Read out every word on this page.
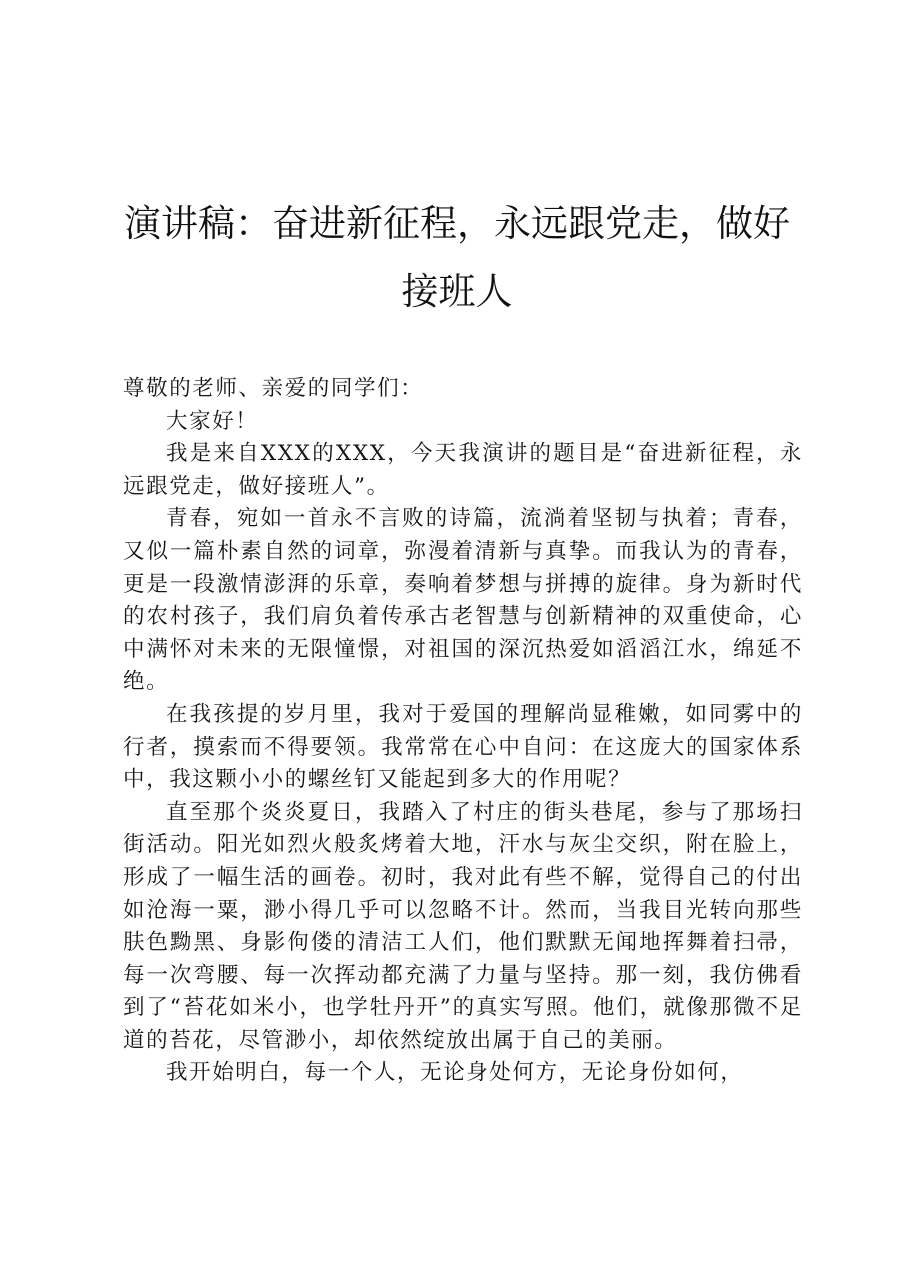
演讲稿：奋进新征程，永远跟党走，做好接班人

尊敬的老师、亲爱的同学们：

大家好！

我是来自XXX的XXX，今天我演讲的题目是“奋进新征程，永远跟党走，做好接班人”。

青春，宛如一首永不言败的诗篇，流淌着坚韧与执着；青春，又似一篇朴素自然的词章，弥漫着清新与真挚。而我认为的青春，更是一段激情澎湃的乐章，奏响着梦想与拼搏的旋律。身为新时代的农村孩子，我们肩负着传承古老智慧与创新精神的双重使命，心中满怀对未来的无限憧憬，对祖国的深沉热爱如滔滔江水，绵延不绝。

在我孩提的岁月里，我对于爱国的理解尚显稚嫩，如同雾中的行者，摸索而不得要领。我常常在心中自问：在这庞大的国家体系中，我这颗小小的螺丝钉又能起到多大的作用呢？

直至那个炎炎夏日，我踏入了村庄的街头巷尾，参与了那场扫街活动。阳光如烈火般炙烤着大地，汗水与灰尘交织，附在脸上，形成了一幅生活的画卷。初时，我对此有些不解，觉得自己的付出如沧海一粟，渺小得几乎可以忽略不计。然而，当我目光转向那些肤色黝黑、身影佝偻的清洁工人们，他们默默无闻地挥舞着扫帚，每一次弯腰、每一次挥动都充满了力量与坚持。那一刻，我仿佛看到了“苔花如米小，也学牡丹开”的真实写照。他们，就像那微不足道的苔花，尽管渺小，却依然绽放出属于自己的美丽。

我开始明白，每一个人，无论身处何方，无论身份如何，
